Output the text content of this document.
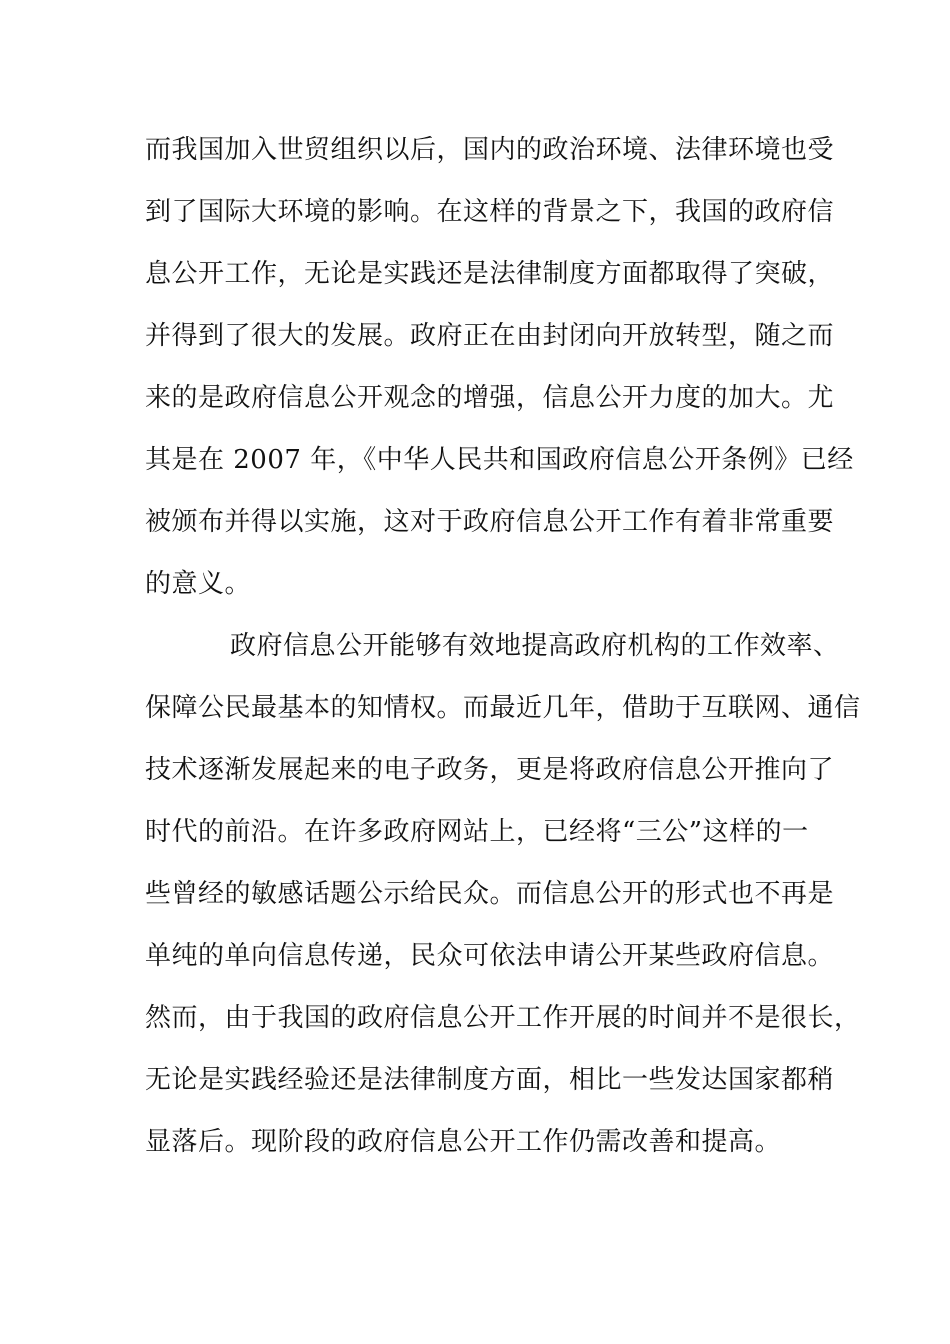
而我国加入世贸组织以后，国内的政治环境、法律环境也受
到了国际大环境的影响。在这样的背景之下，我国的政府信
息公开工作，无论是实践还是法律制度方面都取得了突破，
并得到了很大的发展。政府正在由封闭向开放转型，随之而
来的是政府信息公开观念的增强，信息公开力度的加大。尤
其是在 2007 年，《中华人民共和国政府信息公开条例》已经
被颁布并得以实施，这对于政府信息公开工作有着非常重要
的意义。
政府信息公开能够有效地提高政府机构的工作效率、
保障公民最基本的知情权。而最近几年，借助于互联网、通信
技术逐渐发展起来的电子政务，更是将政府信息公开推向了
时代的前沿。在许多政府网站上，已经将“三公”这样的一
些曾经的敏感话题公示给民众。而信息公开的形式也不再是
单纯的单向信息传递，民众可依法申请公开某些政府信息。
然而，由于我国的政府信息公开工作开展的时间并不是很长，
无论是实践经验还是法律制度方面，相比一些发达国家都稍
显落后。现阶段的政府信息公开工作仍需改善和提高。
